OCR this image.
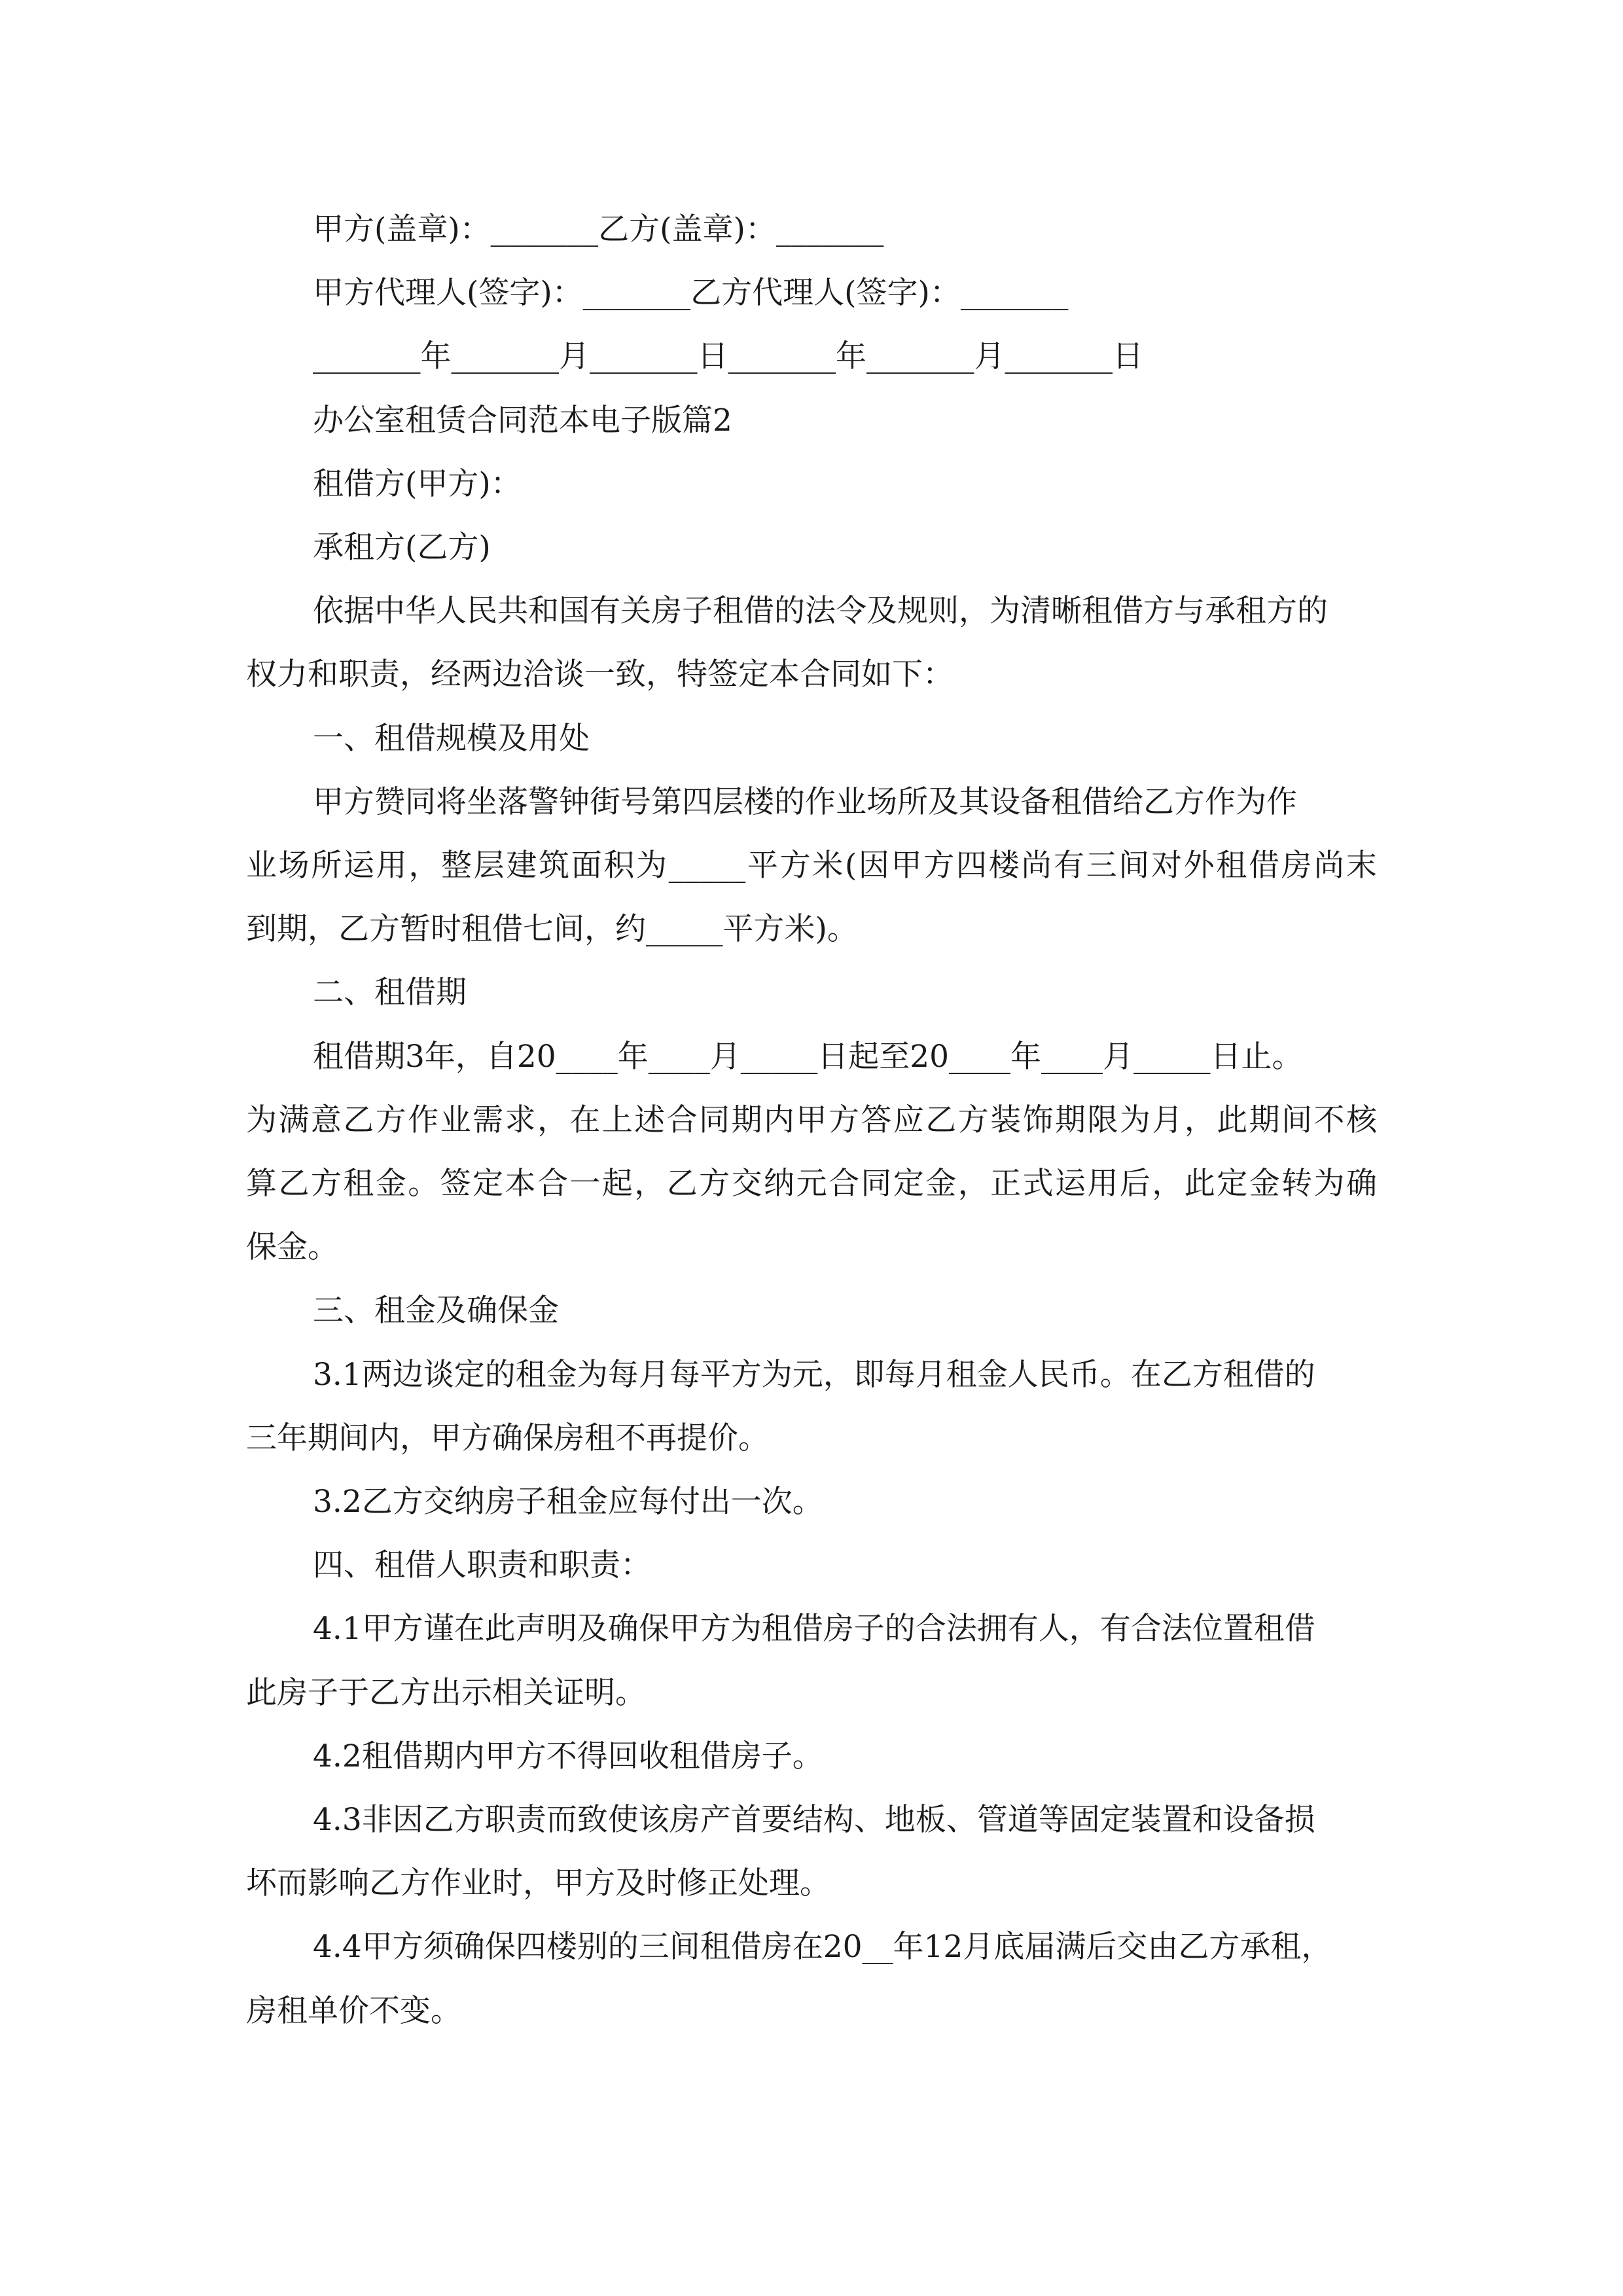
甲方(盖章)：_______乙方(盖章)：_______
甲方代理人(签字)：_______乙方代理人(签字)：_______
_______年_______月_______日_______年_______月_______日
办公室租赁合同范本电子版篇2
租借方(甲方)：
承租方(乙方)
依据中华人民共和国有关房子租借的法令及规则，为清晰租借方与承租方的
权力和职责，经两边洽谈一致，特签定本合同如下：
一、租借规模及用处
甲方赞同将坐落警钟街号第四层楼的作业场所及其设备租借给乙方作为作
业场所运用，整层建筑面积为_____平方米(因甲方四楼尚有三间对外租借房尚末
到期，乙方暂时租借七间，约_____平方米)。
二、租借期
租借期3年，自20____年____月_____日起至20____年____月_____日止。
为满意乙方作业需求，在上述合同期内甲方答应乙方装饰期限为月，此期间不核
算乙方租金。签定本合一起，乙方交纳元合同定金，正式运用后，此定金转为确
保金。
三、租金及确保金
3.1两边谈定的租金为每月每平方为元，即每月租金人民币。在乙方租借的
三年期间内，甲方确保房租不再提价。
3.2乙方交纳房子租金应每付出一次。
四、租借人职责和职责：
4.1甲方谨在此声明及确保甲方为租借房子的合法拥有人，有合法位置租借
此房子于乙方出示相关证明。
4.2租借期内甲方不得回收租借房子。
4.3非因乙方职责而致使该房产首要结构、地板、管道等固定装置和设备损
坏而影响乙方作业时，甲方及时修正处理。
4.4甲方须确保四楼别的三间租借房在20__年12月底届满后交由乙方承租，
房租单价不变。
